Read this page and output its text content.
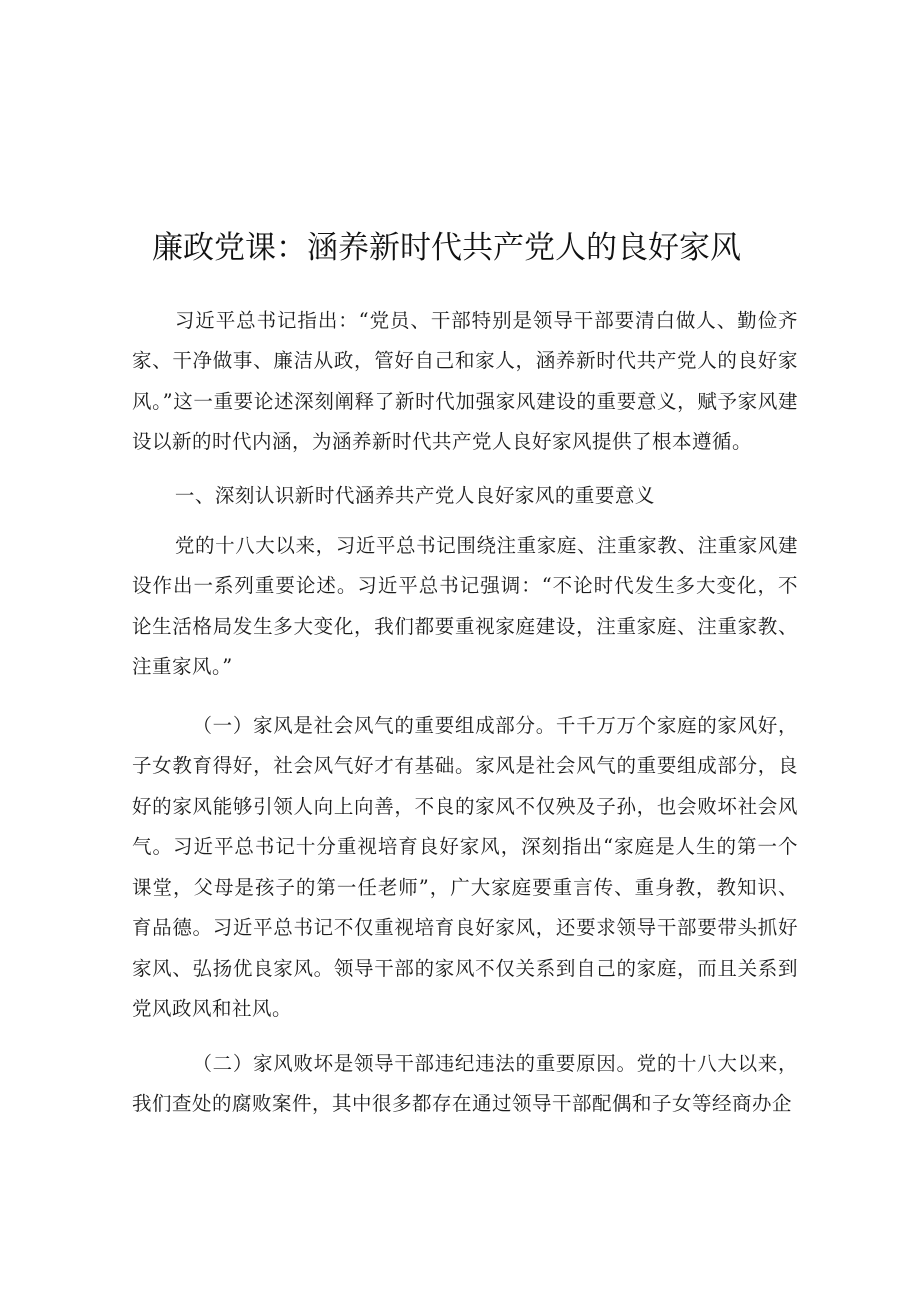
廉政党课：涵养新时代共产党人的良好家风

习近平总书记指出：“党员、干部特别是领导干部要清白做人、勤俭齐家、干净做事、廉洁从政，管好自己和家人，涵养新时代共产党人的良好家风。”这一重要论述深刻阐释了新时代加强家风建设的重要意义，赋予家风建设以新的时代内涵，为涵养新时代共产党人良好家风提供了根本遵循。

一、深刻认识新时代涵养共产党人良好家风的重要意义

党的十八大以来，习近平总书记围绕注重家庭、注重家教、注重家风建设作出一系列重要论述。习近平总书记强调：“不论时代发生多大变化，不论生活格局发生多大变化，我们都要重视家庭建设，注重家庭、注重家教、注重家风。”

（一）家风是社会风气的重要组成部分。千千万万个家庭的家风好，子女教育得好，社会风气好才有基础。家风是社会风气的重要组成部分，良好的家风能够引领人向上向善，不良的家风不仅殃及子孙，也会败坏社会风气。习近平总书记十分重视培育良好家风，深刻指出“家庭是人生的第一个课堂，父母是孩子的第一任老师”，广大家庭要重言传、重身教，教知识、育品德。习近平总书记不仅重视培育良好家风，还要求领导干部要带头抓好家风、弘扬优良家风。领导干部的家风不仅关系到自己的家庭，而且关系到党风政风和社风。

（二）家风败坏是领导干部违纪违法的重要原因。党的十八大以来，我们查处的腐败案件，其中很多都存在通过领导干部配偶和子女等经商办企
